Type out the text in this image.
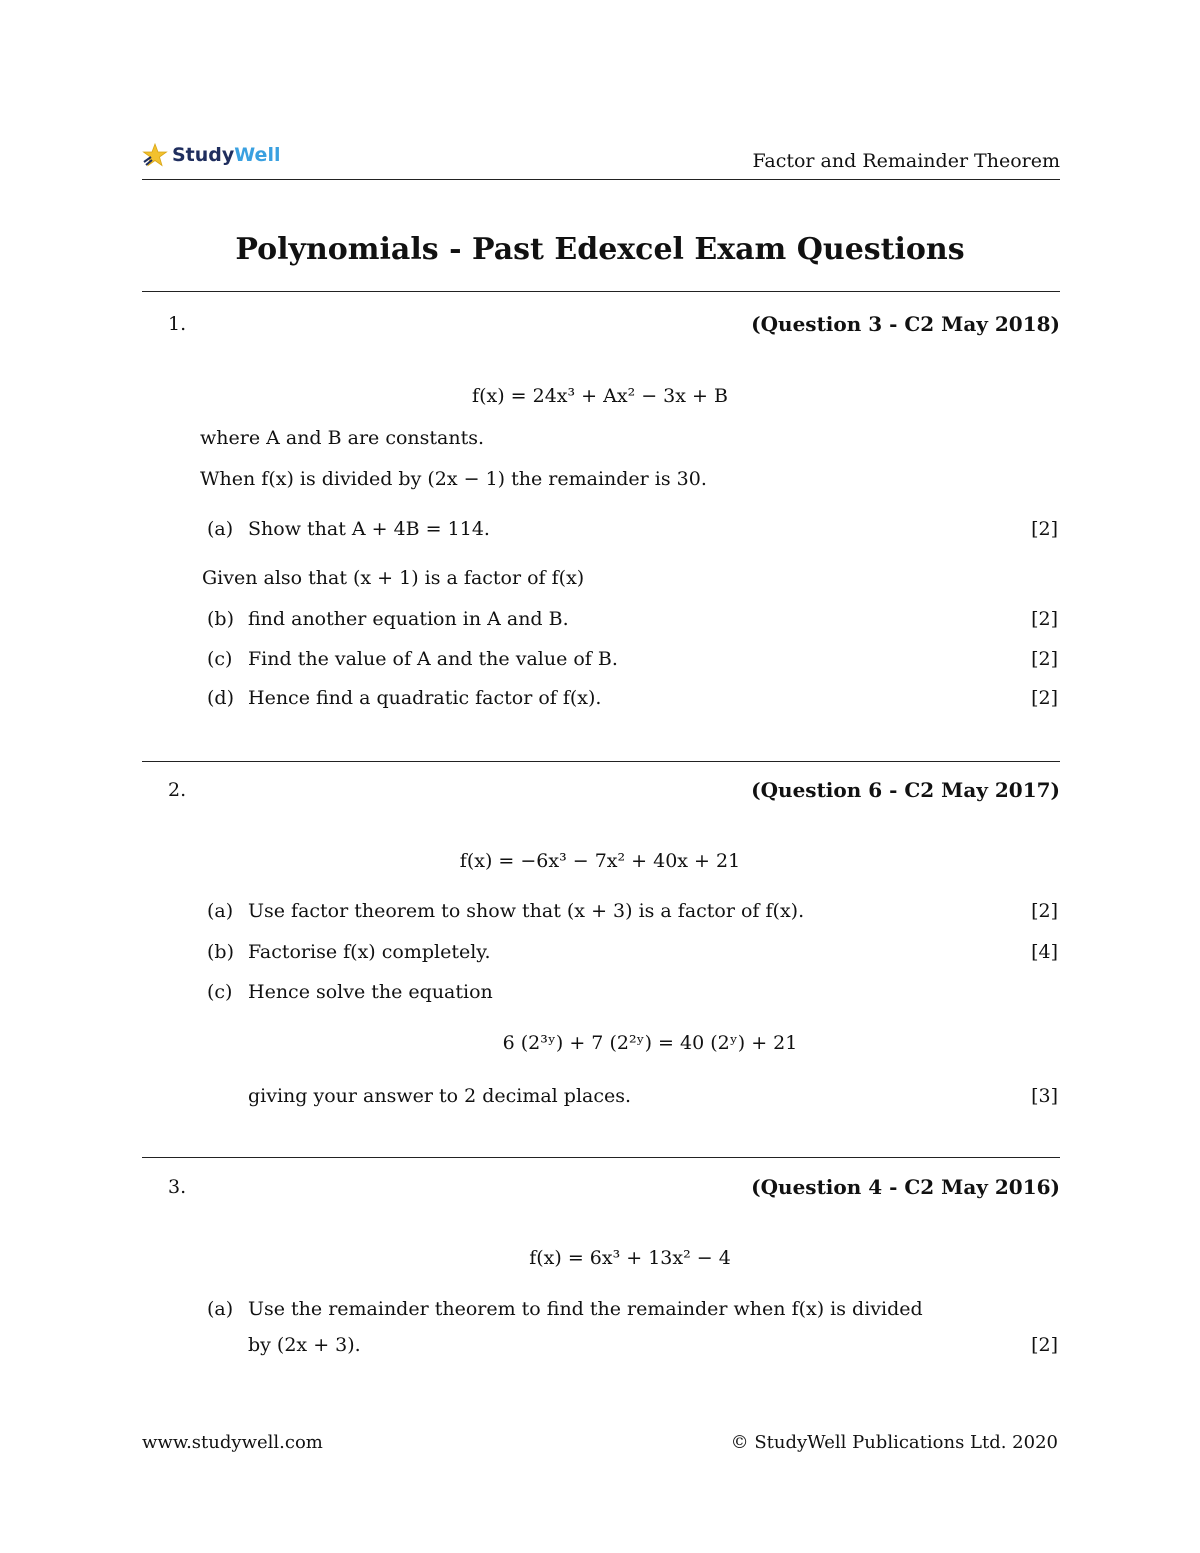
StudyWell	Factor and Remainder Theorem
Polynomials - Past Edexcel Exam Questions
1.	(Question 3 - C2 May 2018)
f(x) = 24x³ + Ax² − 3x + B
where A and B are constants.
When f(x) is divided by (2x − 1) the remainder is 30.
(a) Show that A + 4B = 114.	[2]
Given also that (x + 1) is a factor of f(x)
(b) find another equation in A and B.	[2]
(c) Find the value of A and the value of B.	[2]
(d) Hence find a quadratic factor of f(x).	[2]
2.	(Question 6 - C2 May 2017)
f(x) = −6x³ − 7x² + 40x + 21
(a) Use factor theorem to show that (x + 3) is a factor of f(x).	[2]
(b) Factorise f(x) completely.	[4]
(c) Hence solve the equation
6 (2³ʸ) + 7 (2²ʸ) = 40 (2ʸ) + 21
giving your answer to 2 decimal places.	[3]
3.	(Question 4 - C2 May 2016)
f(x) = 6x³ + 13x² − 4
(a) Use the remainder theorem to find the remainder when f(x) is divided
by (2x + 3).	[2]
www.studywell.com	© StudyWell Publications Ltd. 2020
